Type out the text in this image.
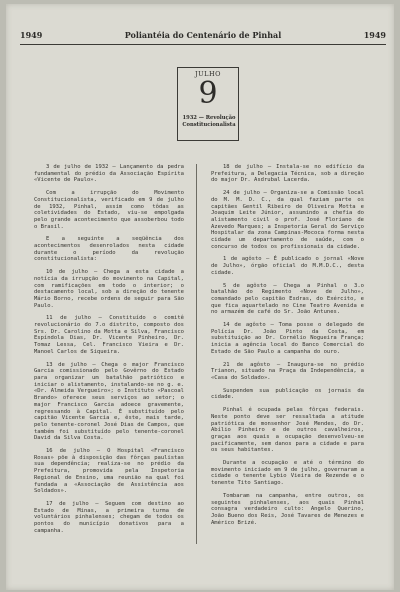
1949	Poliantéia do Centenário de Pinhal	1949
JULHO
9
1932 — Revolução
Constitucionalista

3 de julho de 1932 — Lançamento da pedra fundamental do prédio da Associação Espírita «Vicente de Paulo».

Com a irrupção do Movimento Constitucionalista, verificado em 9 de julho de 1932, Pinhal, assim como tôdas as coletividades do Estado, viu-se empolgada pelo grande acontecimento que assoberbou todo o Brasil.

E a seguinte a seqüência dos acontecimentos desenrolados nesta cidade durante o período da revolução constitucionalista:

10 de julho — Chega a esta cidade a notícia da irrupção do movimento na Capital, com ramificações em todo o interior; o destacamento local, sob a direção do tenente Mário Borno, recebe ordens de seguir para São Paulo.

11 de julho — Constituído o comitê revolucionário do 7.o distrito, composto dos Srs. Dr. Carolino da Motta e Silva, Francisco Espíndola Dias, Dr. Vicente Pinheiro, Dr. Tomaz Lessa, Cel. Francisco Vieira e Dr. Manoel Carlos de Siqueira.

13 de julho — Chega o major Francisco Garcia comissionado pelo Govêrno do Estado para organizar um batalhão patriótico e iniciar o alistamento, instalando-se no g. e. «Dr. Almeida Vergueiro»; o Instituto «Pascoal Brando» oferece seus serviços ao setor; o major Francisco Garcia adoece gravemente, regressando à Capital. É substituído pelo capitão Vicente Garcia e, êste, mais tarde, pelo tenente-coronel José Dias de Campos, que também foi substituído pelo tenente-coronel David da Silva Costa.

16 de julho — O Hospital «Francisco Rosas» põe à disposição das fôrças paulistas sua dependência; realiza-se no prédio da Prefeitura, promovida pela Inspetoria Regional de Ensino, uma reunião na qual foi fundada a «Associação de Assistência aos Soldados».

17 de julho — Seguem com destino ao Estado de Minas, a primeira turma de voluntários pinhalenses; chegam de todos os pontos do município donativos para a campanha.

18 de julho — Instala-se no edifício da Prefeitura, a Delegacia Técnica, sob a direção do major Dr. Asdrubal Lacerda.

24 de julho — Organiza-se a Comissão local do M. M. D. C., da qual faziam parte os capitães Gentil Ribeiro de Oliveira Motta e Joaquim Leite Júnior, assumindo a chefia do alistamento civil o prof. José Floriano de Azevedo Marques; a Inspetoria Geral do Serviço Hospitalar da zona Campinas-Mococa forma nesta cidade um departamento de saúde, com o concurso de todos os profissionais da cidade.

1 de agôsto — É publicado o jornal «Nove de Julho», órgão oficial do M.M.D.C., desta cidade.

5 de agôsto — Chega a Pinhal o 3.o batalhão do Regimento «Nove de Julho», comandado pelo capitão Esdras, do Exército, e que fica aquartelado no Cine Teatro Avenida e no armazém de café do Sr. João Antunes.

14 de agôsto — Toma posse o delegado de Polícia Dr. João Pinto da Costa, em substituição ao Dr. Cornélio Nogueira França; inicia a agência local do Banco Comercial do Estado de São Paulo a campanha do ouro.

21 de agôsto — Inaugura-se no prédio Trianon, situado na Praça da Independência, a «Casa do Soldado».

Suspendem sua publicação os jornais da cidade.

Pinhal é ocupada pelas fôrças federais. Neste ponto deve ser ressaltada a atitude patriótica de monsenhor José Mendes, do Dr. Abílio Pinheiro e de outros cavalheiros, graças aos quais a ocupação desenvolveu-se pacìficamente, sem danos para a cidade e para os seus habitantes.

Durante a ocupação e até o término do movimento iniciado em 9 de julho, governaram a cidade o tenente Lybio Vieira de Rezende e o tenente Tito Santiago.

Tombaram na campanha, entre outros, os seguintes pinhalenses, aos quais Pinhal consagra verdadeiro culto: Angelo Querino, João Bueno dos Reis, José Tavares de Menezes e Américo Brizé.
